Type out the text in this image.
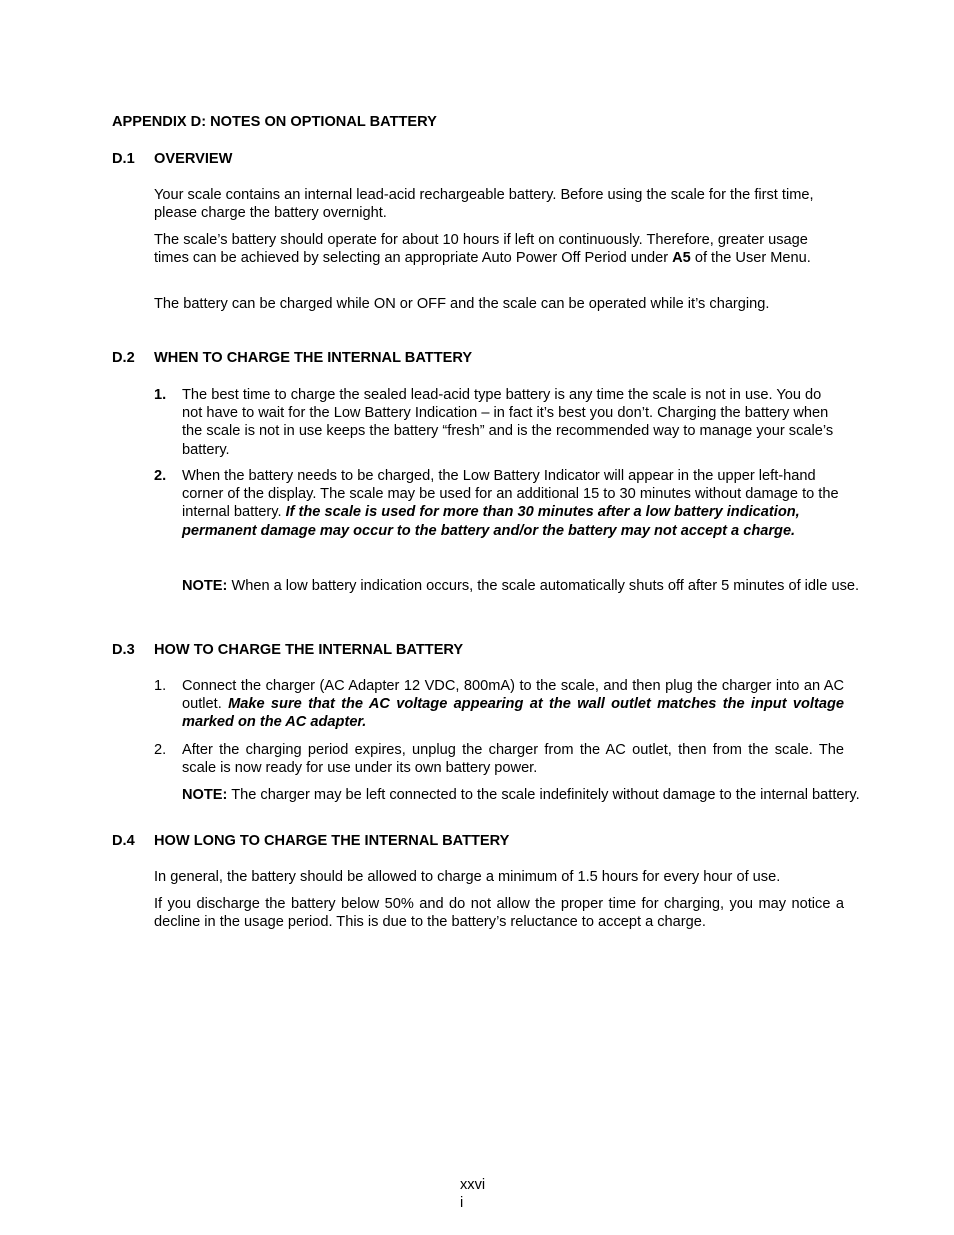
APPENDIX D: NOTES ON OPTIONAL BATTERY
D.1 OVERVIEW

Your scale contains an internal lead-acid rechargeable battery. Before using the scale for the first time, please charge the battery overnight.

The scale’s battery should operate for about 10 hours if left on continuously. Therefore, greater usage times can be achieved by selecting an appropriate Auto Power Off Period under A5 of the User Menu.

The battery can be charged while ON or OFF and the scale can be operated while it’s charging.

D.2 WHEN TO CHARGE THE INTERNAL BATTERY
1. The best time to charge the sealed lead-acid type battery is any time the scale is not in use. You do not have to wait for the Low Battery Indication – in fact it’s best you don’t. Charging the battery when the scale is not in use keeps the battery “fresh” and is the recommended way to manage your scale’s battery.

2. When the battery needs to be charged, the Low Battery Indicator will appear in the upper left-hand corner of the display. The scale may be used for an additional 15 to 30 minutes without damage to the internal battery. If the scale is used for more than 30 minutes after a low battery indication, permanent damage may occur to the battery and/or the battery may not accept a charge.

NOTE: When a low battery indication occurs, the scale automatically shuts off after 5 minutes of idle use.

D.3 HOW TO CHARGE THE INTERNAL BATTERY
1. Connect the charger (AC Adapter 12 VDC, 800mA) to the scale, and then plug the charger into an AC outlet. Make sure that the AC voltage appearing at the wall outlet matches the input voltage marked on the AC adapter.

2. After the charging period expires, unplug the charger from the AC outlet, then from the scale. The scale is now ready for use under its own battery power.

NOTE: The charger may be left connected to the scale indefinitely without damage to the internal battery.

D.4 HOW LONG TO CHARGE THE INTERNAL BATTERY

In general, the battery should be allowed to charge a minimum of 1.5 hours for every hour of use.

If you discharge the battery below 50% and do not allow the proper time for charging, you may notice a decline in the usage period. This is due to the battery’s reluctance to accept a charge.

xxvi
i
